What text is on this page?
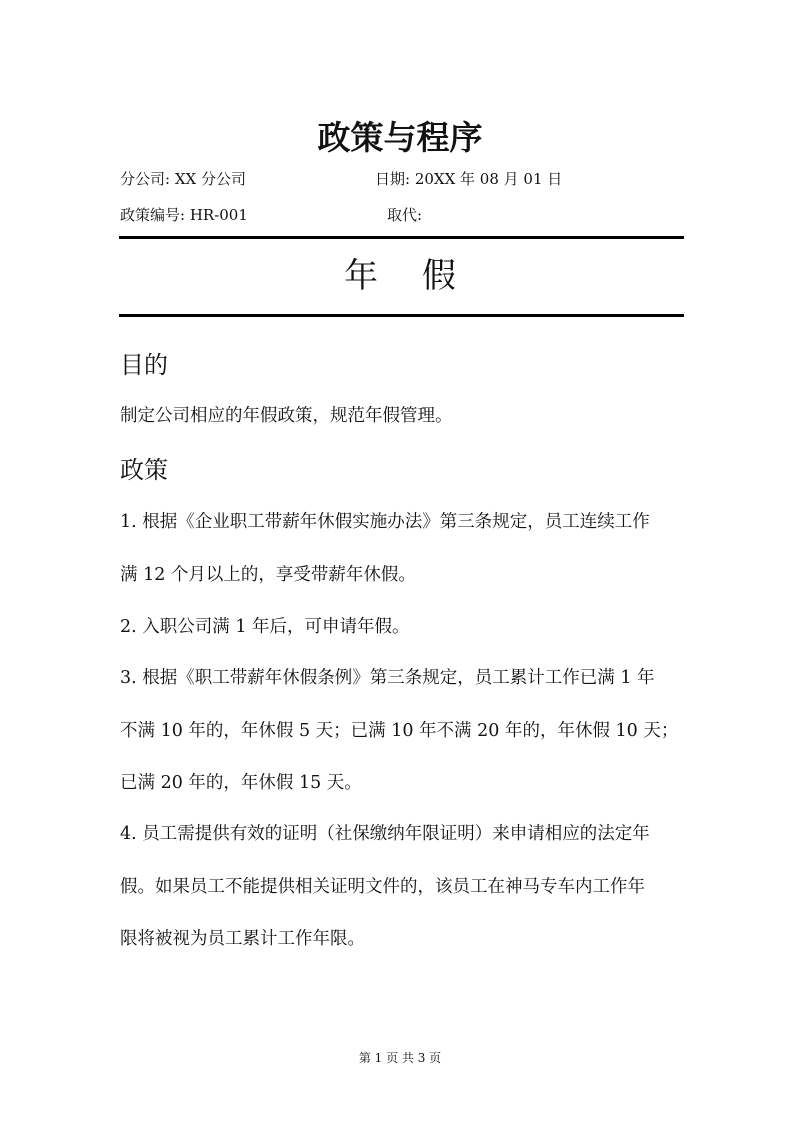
政策与程序
分公司: XX 分公司	日期: 20XX 年 08 月 01 日
政策编号: HR-001	取代:
年 假
目的
制定公司相应的年假政策，规范年假管理。
政策
1. 根据《企业职工带薪年休假实施办法》第三条规定，员工连续工作
满 12 个月以上的，享受带薪年休假。
2. 入职公司满 1 年后，可申请年假。
3. 根据《职工带薪年休假条例》第三条规定，员工累计工作已满 1 年
不满 10 年的，年休假 5 天；已满 10 年不满 20 年的，年休假 10 天；
已满 20 年的，年休假 15 天。
4. 员工需提供有效的证明（社保缴纳年限证明）来申请相应的法定年
假。如果员工不能提供相关证明文件的，该员工在神马专车内工作年
限将被视为员工累计工作年限。
第 1 页 共 3 页
